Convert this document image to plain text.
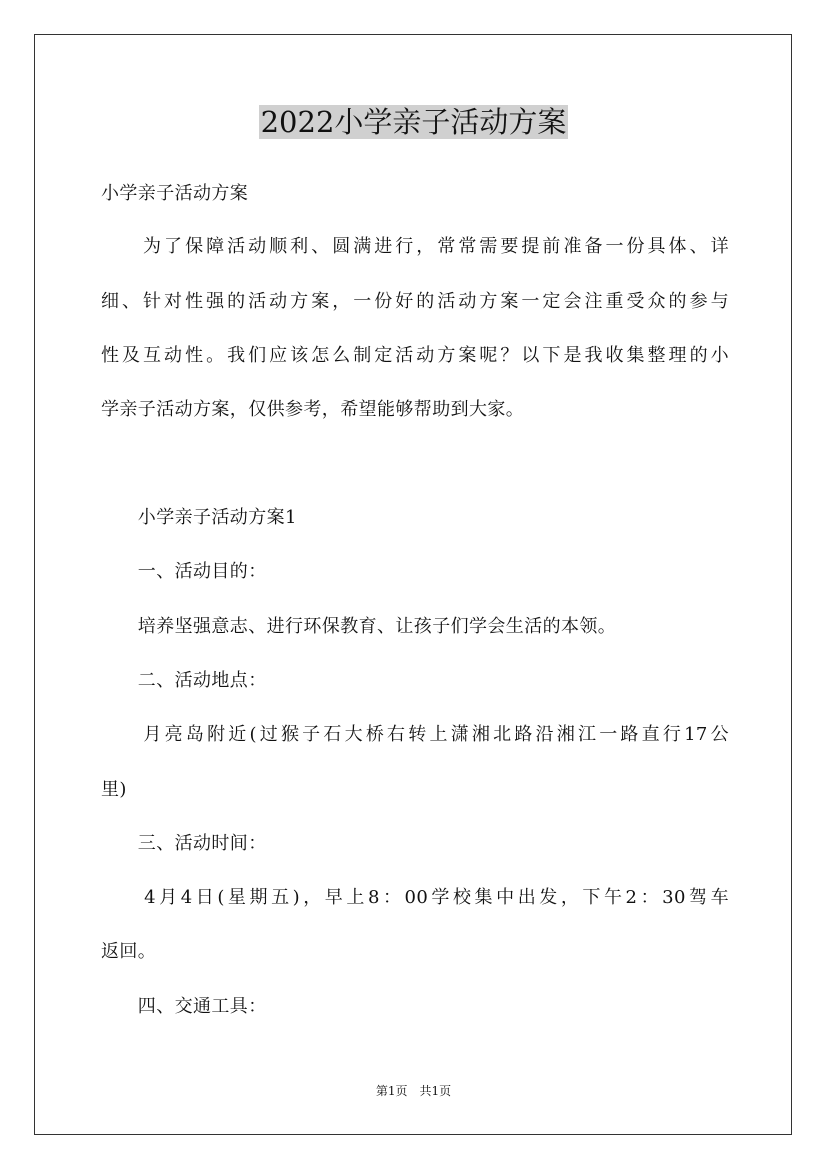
2022小学亲子活动方案
小学亲子活动方案
　　为了保障活动顺利、圆满进行，常常需要提前准备一份具体、详
细、针对性强的活动方案，一份好的活动方案一定会注重受众的参与
性及互动性。我们应该怎么制定活动方案呢？以下是我收集整理的小
学亲子活动方案，仅供参考，希望能够帮助到大家。
　　小学亲子活动方案1
　　一、活动目的：
　　培养坚强意志、进行环保教育、让孩子们学会生活的本领。
　　二、活动地点：
　　月亮岛附近(过猴子石大桥右转上潇湘北路沿湘江一路直行17公
里)
　　三、活动时间：
　　4月4日(星期五)，早上8：00学校集中出发，下午2：30驾车
返回。
　　四、交通工具：
第1页　共1页
